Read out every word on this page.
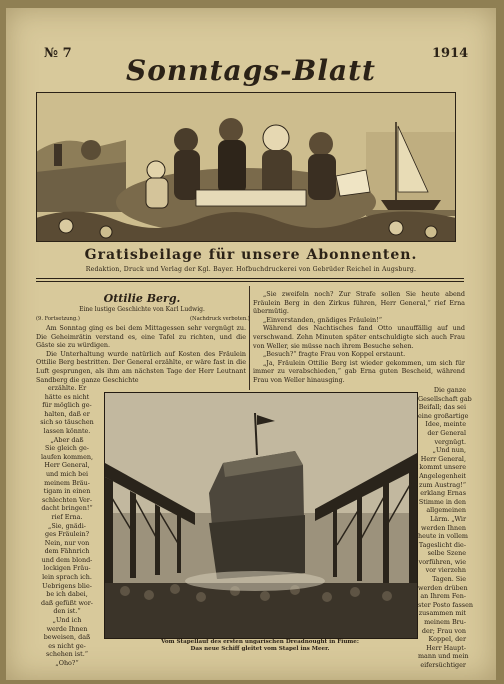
№ 7
Sonntags-Blatt
1914
Gratisbeilage für unsere Abonnenten.
Redaktion, Druck und Verlag der Kgl. Bayer. Hofbuchdruckerei von Gebrüder Reichel in Augsburg.
Ottilie Berg.
Eine lustige Geschichte von Karl Ludwig.
(9. Fortsetzung.)	(Nachdruck verboten.)

Am Sonntag ging es bei dem Mittagessen sehr vergnügt zu. Die Geheimrätin verstand es, eine Tafel zu richten, und die Gäste sie zu würdigen.

Die Unterhaltung wurde natürlich auf Kosten des Fräulein Ottilie Berg bestritten. Der General erzählte, er wäre fast in die Luft gesprungen, als ihm am nächsten Tage der Herr Leutnant Sandberg die ganze Geschichte

erzählte. Er
hätte es nicht
für möglich ge-
halten, daß er
sich so täuschen
lassen könnte.
„Aber daß
Sie gleich ge-
laufen kommen,
Herr General,
und mich bei
meinem Bräu-
tigam in einen
schlechten Ver-
dacht bringen!“
rief Erna.
„Sie, gnädi-
ges Fräulein?
Nein, nur von
dem Fähnrich
und dem blond-
lockigen Fräu-
lein sprach ich.
Uebrigens blie-
be ich dabei,
daß gefüßt wor-
den ist.“
„Und ich
werde Ihnen
beweisen, daß
es nicht ge-
schehen ist.“
„Oho?“

„Sie zweifeln noch? Zur Strafe sollen Sie heute abend Fräulein Berg in den Zirkus führen, Herr General,“ rief Erna übermütig.

„Einverstanden, gnädiges Fräulein!“

Während des Nachtisches fand Otto unauffällig auf und verschwand. Zehn Minuten später entschuldigte sich auch Frau von Weller, sie müsse nach ihrem Besuche sehen.

„Besuch?“ fragte Frau von Koppel erstaunt.

„Ja, Fräulein Ottilie Berg ist wieder gekommen, um sich für immer zu verabschieden,“ gab Erna guten Bescheid, während Frau von Weller hinausging.

Die ganze
Gesellschaft gab
Beifall; das sei
eine großartige
Idee, meinte
der General
vergnügt.
„Und nun,
Herr General,
kommt unsere
Angelegenheit
zum Austrag!“
erklang Ernas
Stimme in den
allgemeinen
Lärm. „Wir
werden Ihnen
heute in vollem
Tageslicht die-
selbe Szene
vorführen, wie
vor vierzehn
Tagen. Sie
werden drüben
an Ihrem Fen-
ster Posto fassen
zusammen mit
meinem Bru-
der; Frau von
Koppel, der
Herr Haupt-
mann und mein
eifersüchtiger
Vom Stapellauf des ersten ungarischen Dreadnought in Fiume:
Das neue Schiff gleitet vom Stapel ins Meer.
